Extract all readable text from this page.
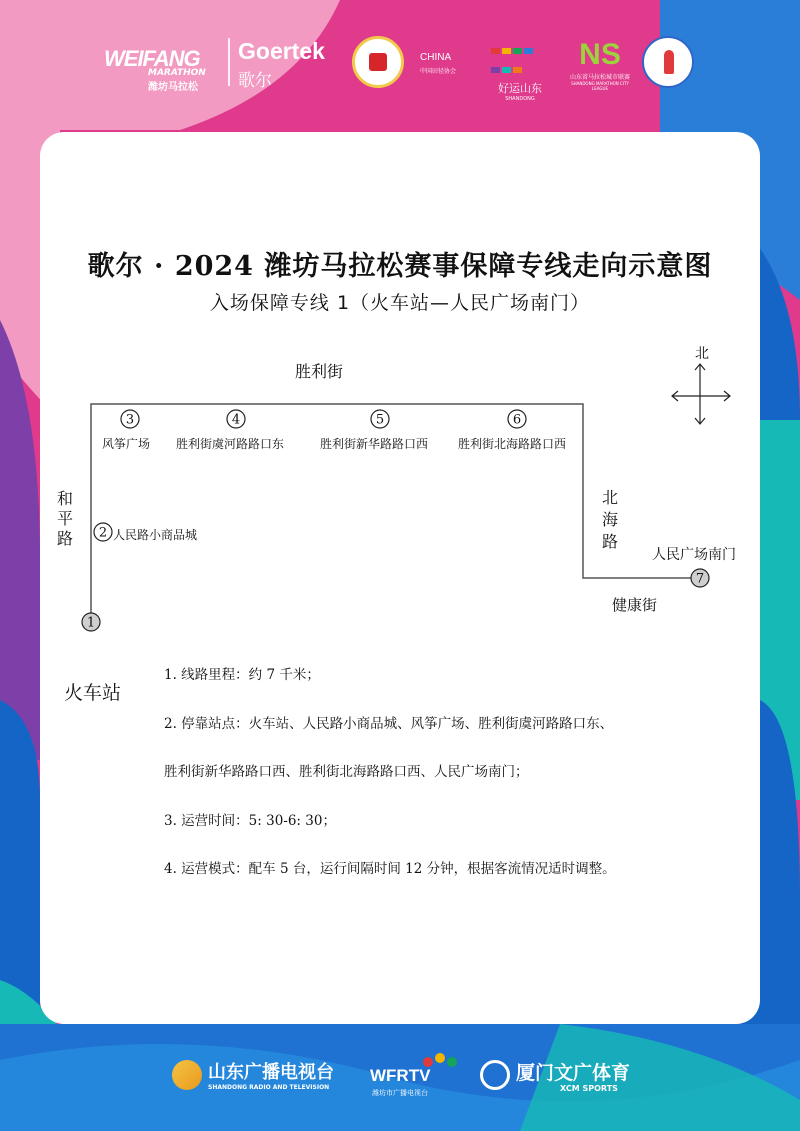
WEIFANG
MARATHON
潍坊马拉松
Goertek
歌尔
CHINA
中国田径协会

好运山东
SHANDONG
NS
山东省马拉松城市联赛
SHANDONG MARATHON CITY LEAGUE
歌尔 · 2024 潍坊马拉松赛事保障专线走向示意图
入场保障专线 1（火车站—人民广场南门）
1
2
3	4	5	6
7
北
胜利街
和平路
北海路
健康街
人民路小商品城
风筝广场 胜利街虞河路路口东	胜利街新华路路口西 胜利街北海路路口西
人民广场南门
火车站

1. 线路里程：约 7 千米；

2. 停靠站点：火车站、人民路小商品城、风筝广场、胜利街虞河路路口东、

胜利街新华路路口西、胜利街北海路路口西、人民广场南门；

3. 运营时间：5: 30-6: 30；

4. 运营模式：配车 5 台，运行间隔时间 12 分钟，根据客流情况适时调整。

山东广播电视台
SHANDONG RADIO AND TELEVISION
WFRTV
潍坊市广播电视台
厦门文广体育
XCM SPORTS
